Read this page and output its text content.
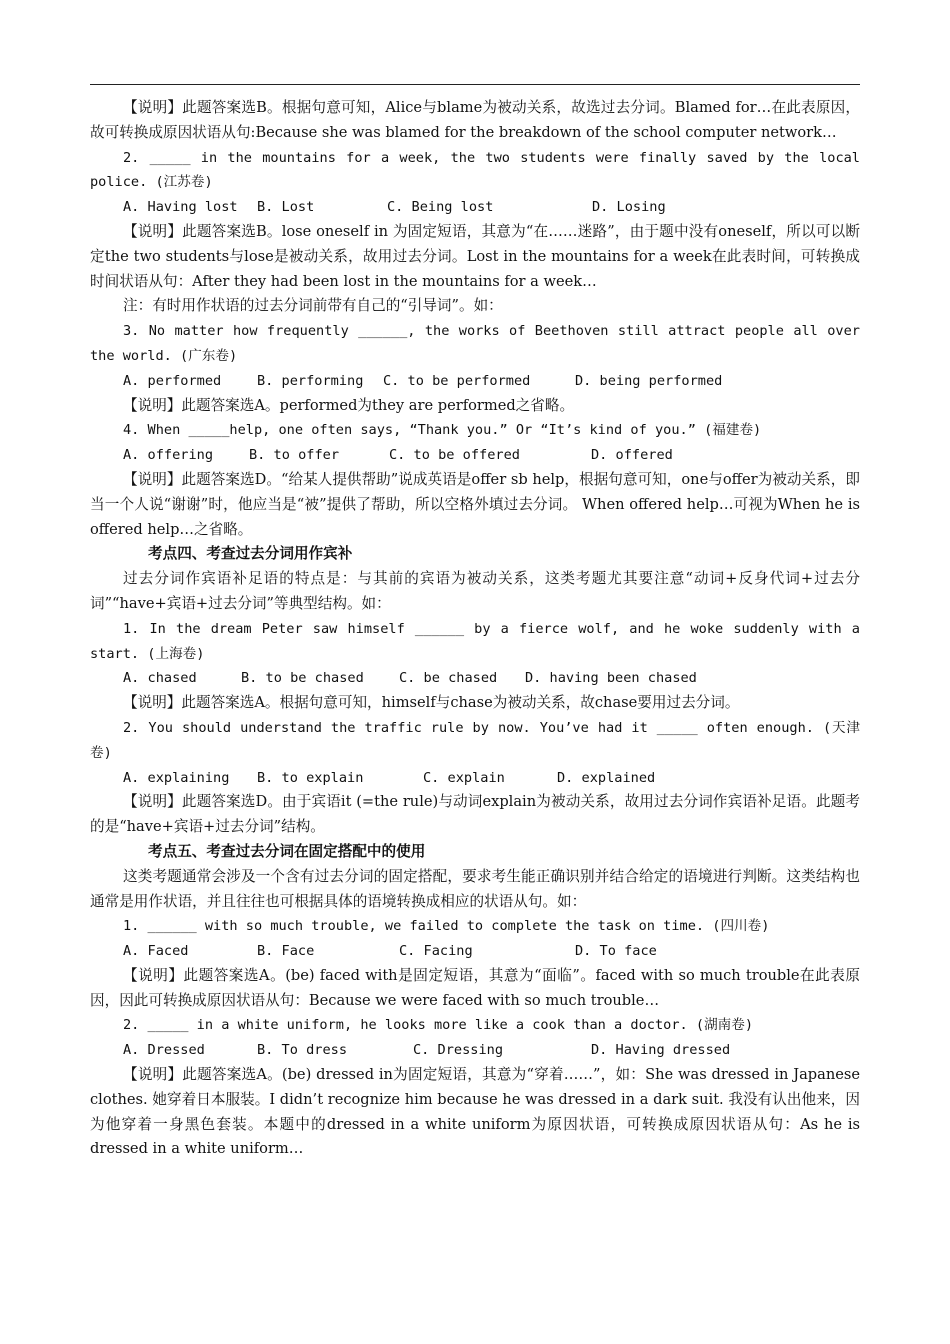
【说明】此题答案选B。根据句意可知，Alice与blame为被动关系，故选过去分词。Blamed for…在此表原因，故可转换成原因状语从句:Because she was blamed for the breakdown of the school computer network…
2. _____ in the mountains for a week, the two students were finally saved by the local police. (江苏卷)
A. Having lost	B. Lost	C. Being lost	D. Losing
【说明】此题答案选B。lose oneself in 为固定短语，其意为“在……迷路”，由于题中没有oneself，所以可以断定the two students与lose是被动关系，故用过去分词。Lost in the mountains for a week在此表时间，可转换成时间状语从句：After they had been lost in the mountains for a week…
注：有时用作状语的过去分词前带有自己的“引导词”。如：
3. No matter how frequently ______, the works of Beethoven still attract people all over the world. (广东卷)
A. performed	B. performing	C. to be performed	D. being performed
【说明】此题答案选A。performed为they are performed之省略。
4. When _____help, one often says, “Thank you.” Or “It’s kind of you.” (福建卷)
A. offering	B. to offer	C. to be offered	D. offered
【说明】此题答案选D。“给某人提供帮助”说成英语是offer sb help，根据句意可知，one与offer为被动关系，即当一个人说“谢谢”时，他应当是“被”提供了帮助，所以空格外填过去分词。 When offered help…可视为When he is offered help…之省略。
考点四、考查过去分词用作宾补
过去分词作宾语补足语的特点是：与其前的宾语为被动关系，这类考题尤其要注意“动词+反身代词+过去分词”“have+宾语+过去分词”等典型结构。如：
1. In the dream Peter saw himself ______ by a fierce wolf, and he woke suddenly with a start. (上海卷)
A. chased	B. to be chased	C. be chased	D. having been chased
【说明】此题答案选A。根据句意可知，himself与chase为被动关系，故chase要用过去分词。
2. You should understand the traffic rule by now. You’ve had it _____ often enough. (天津卷)
A. explaining	B. to explain	C. explain	D. explained
【说明】此题答案选D。由于宾语it (=the rule)与动词explain为被动关系，故用过去分词作宾语补足语。此题考的是“have+宾语+过去分词”结构。
考点五、考查过去分词在固定搭配中的使用
这类考题通常会涉及一个含有过去分词的固定搭配，要求考生能正确识别并结合给定的语境进行判断。这类结构也通常是用作状语，并且往往也可根据具体的语境转换成相应的状语从句。如：
1. ______ with so much trouble, we failed to complete the task on time. (四川卷)
A. Faced	B. Face	C. Facing	D. To face
【说明】此题答案选A。(be) faced with是固定短语，其意为“面临”。faced with so much trouble在此表原因，因此可转换成原因状语从句：Because we were faced with so much trouble…
2. _____ in a white uniform, he looks more like a cook than a doctor. (湖南卷)
A. Dressed	B. To dress	C. Dressing	D. Having dressed
【说明】此题答案选A。(be) dressed in为固定短语，其意为“穿着……”，如：She was dressed in Japanese clothes. 她穿着日本服装。I didn’t recognize him because he was dressed in a dark suit. 我没有认出他来，因为他穿着一身黑色套装。本题中的dressed in a white uniform为原因状语，可转换成原因状语从句：As he is dressed in a white uniform…
